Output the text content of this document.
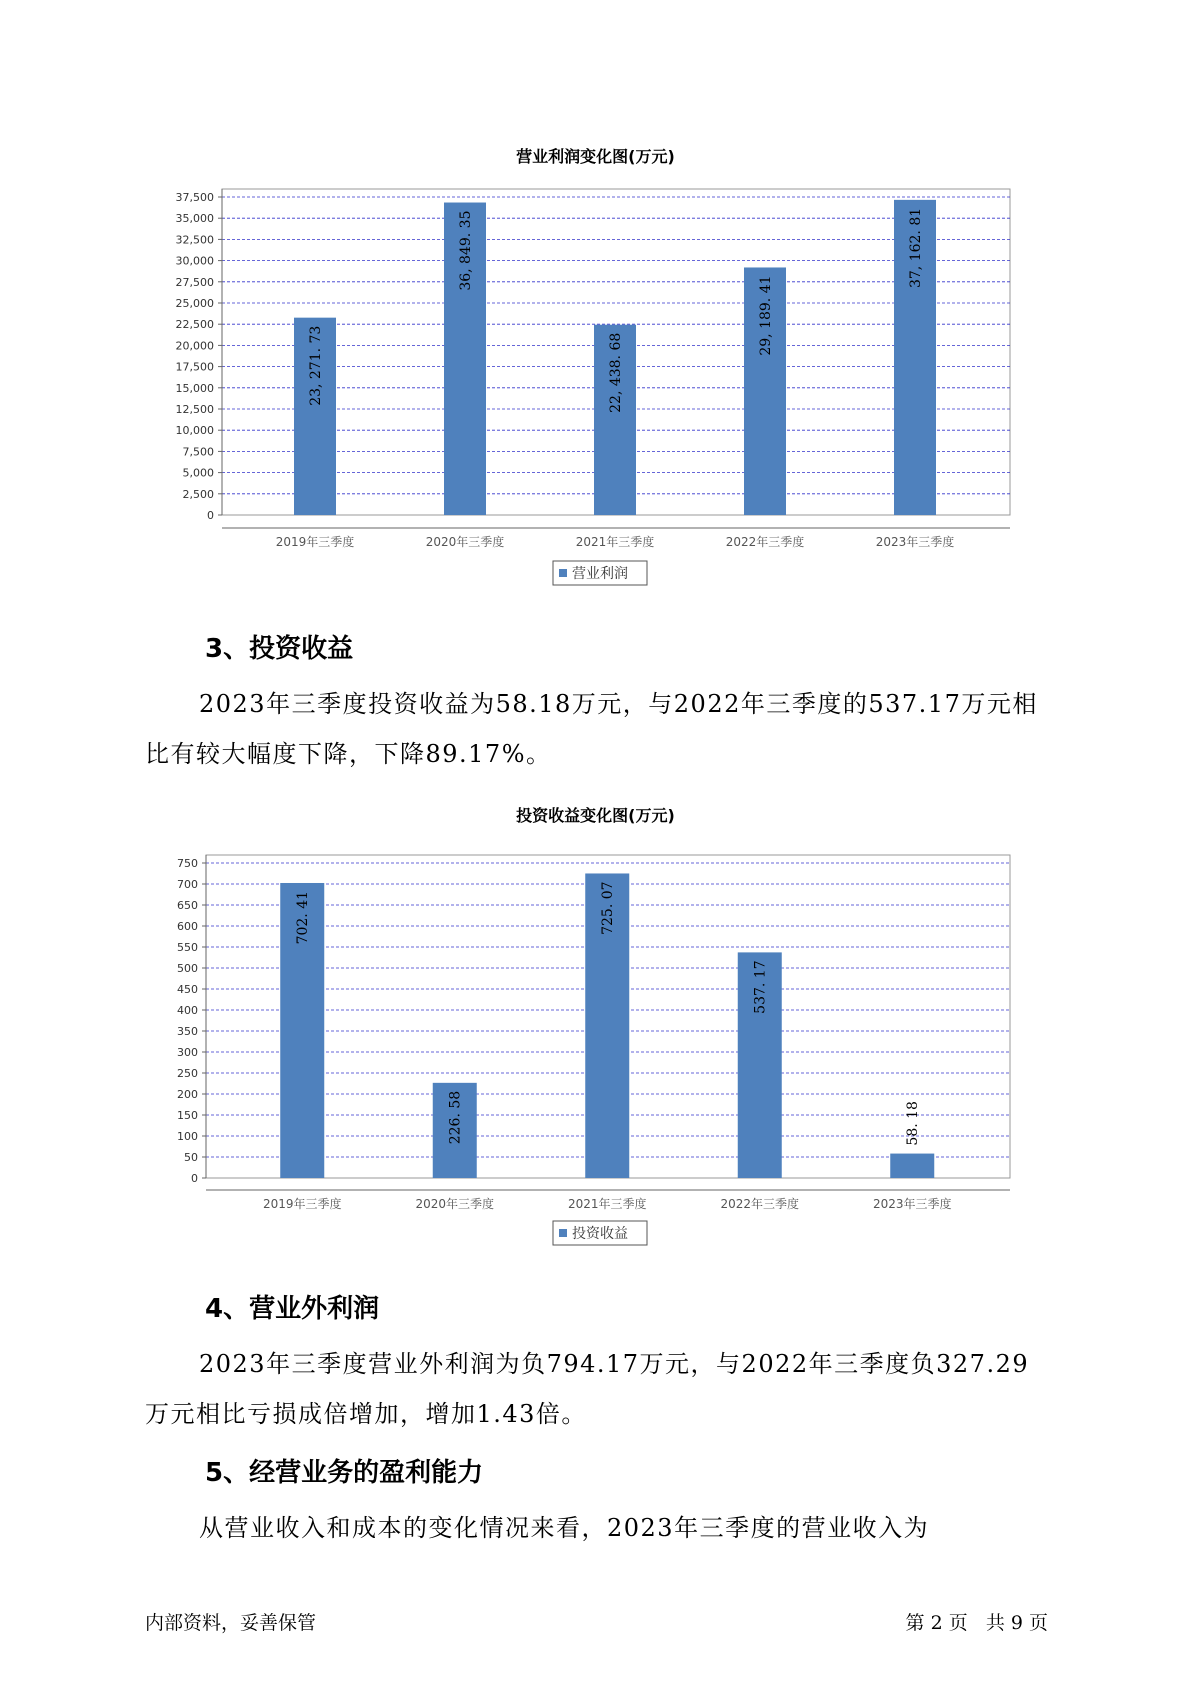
营业利润变化图(万元)
0
2,500
5,000
7,500
10,000
12,500
15,000
17,500
20,000
22,500
25,000
27,500
30,000
32,500
35,000
37,500
23, 271. 73
2019年三季度
36, 849. 35
2020年三季度
22, 438. 68
2021年三季度
29, 189. 41
2022年三季度
37, 162. 81
2023年三季度
营业利润
3、投资收益

2023年三季度投资收益为58.18万元，与2022年三季度的537.17万元相
比有较大幅度下降，下降89.17%。

投资收益变化图(万元)
0
50
100
150
200
250
300
350
400
450
500
550
600
650
700
750
702. 41
2019年三季度
226. 58
2020年三季度
725. 07
2021年三季度
537. 17
2022年三季度
58. 18
2023年三季度
投资收益
4、营业外利润

2023年三季度营业外利润为负794.17万元，与2022年三季度负327.29
万元相比亏损成倍增加，增加1.43倍。

5、经营业务的盈利能力

从营业收入和成本的变化情况来看，2023年三季度的营业收入为

内部资料，妥善保管	第 2 页   共 9 页
